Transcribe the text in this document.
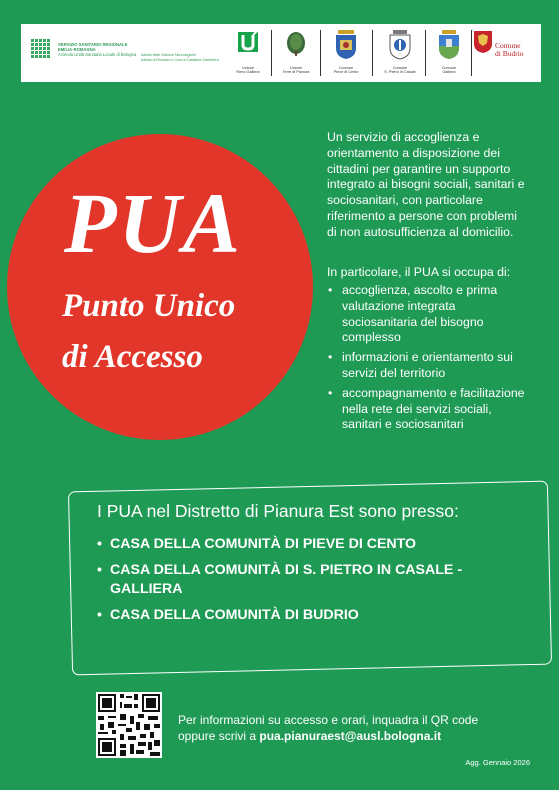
SERVIZIO SANITARIO REGIONALE
EMILIA-ROMAGNA
Azienda Unità Sanitaria Locale di Bologna Istituto delle Scienze Neurologiche
Istituto di Ricovero e Cura a Carattere Scientifico
Unione
Reno Galliera
Unione
Terre di Pianura
Comune
Pieve di Cento
Comune
S. Pietro in Casale
Comune
Galliera
Comune
di Budrio
PUA
Punto Unico
di Accesso
Un servizio di accoglienza e orientamento a disposizione dei cittadini per garantire un supporto integrato ai bisogni sociali, sanitari e sociosanitari, con particolare riferimento a persone con problemi di non autosufficienza al domicilio.
In particolare, il PUA si occupa di:
• accoglienza, ascolto e prima valutazione integrata sociosanitaria del bisogno complesso
• informazioni e orientamento sui servizi del territorio
• accompagnamento e facilitazione nella rete dei servizi sociali, sanitari e sociosanitari
I PUA nel Distretto di Pianura Est sono presso:
• CASA DELLA COMUNITÀ DI PIEVE DI CENTO
• CASA DELLA COMUNITÀ DI S. PIETRO IN CASALE - GALLIERA
• CASA DELLA COMUNITÀ DI BUDRIO
Per informazioni su accesso e orari, inquadra il QR code
oppure scrivi a pua.pianuraest@ausl.bologna.it
Agg. Gennaio 2026
